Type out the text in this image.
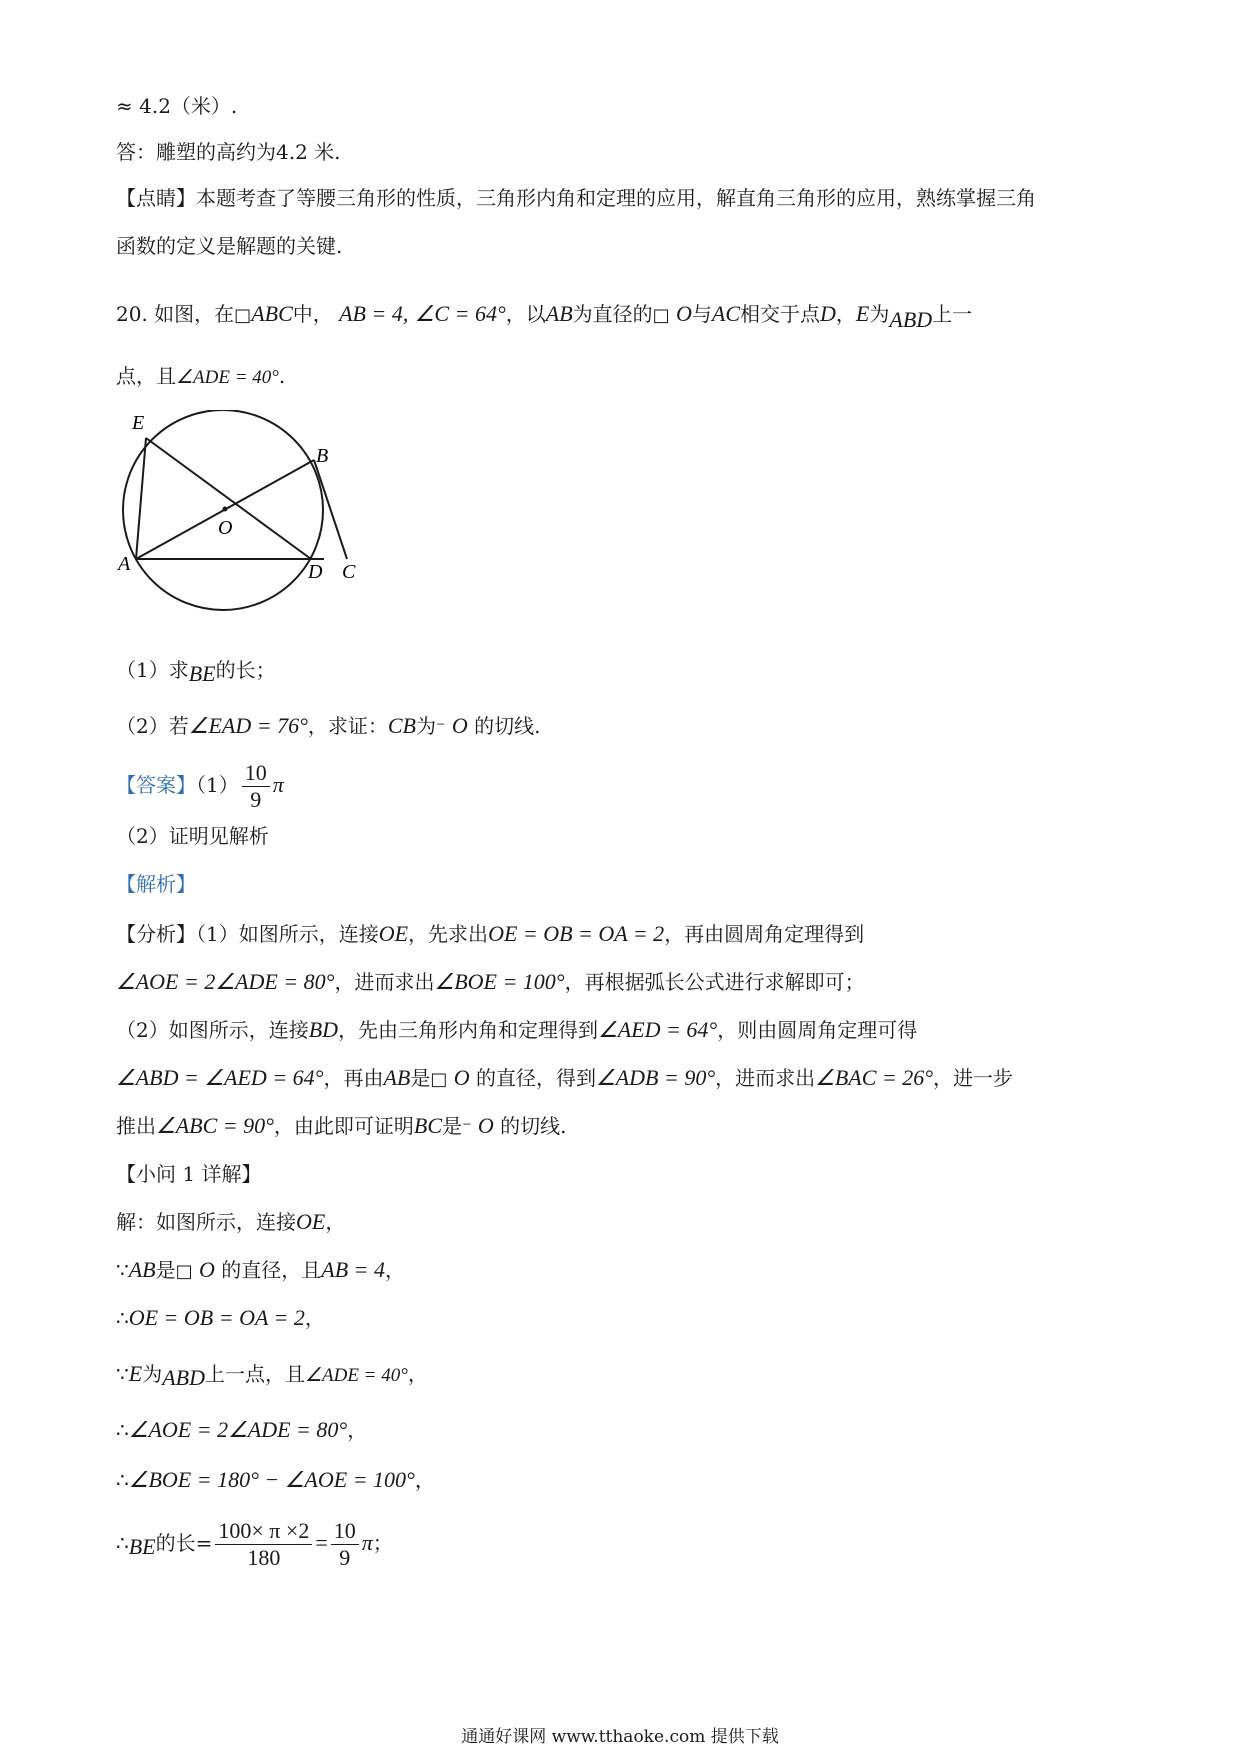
≈ 4.2（米）.
答：雕塑的高约为4.2 米.
【点睛】本题考查了等腰三角形的性质，三角形内角和定理的应用，解直角三角形的应用，熟练掌握三角
函数的定义是解题的关键.
20. 如图，在□ABC中， AB = 4, ∠C = 64°，以AB为直径的□ O与AC相交于点D，E为ABD上一
点，且∠ADE = 40°.
E
B
O
A	D C
（1）求BE的长；
（2）若∠EAD = 76°，求证：CB为⁻ O 的切线.
【答案】$(1) \frac{10}{9}$ π
（2）证明见解析
【解析】
【分析】（1）如图所示，连接OE，先求出OE = OB = OA = 2，再由圆周角定理得到
∠AOE = 2∠ADE = 80°，进而求出∠BOE = 100°，再根据弧长公式进行求解即可；
（2）如图所示，连接BD，先由三角形内角和定理得到∠AED = 64°，则由圆周角定理可得
∠ABD = ∠AED = 64°，再由AB是□ O 的直径，得到∠ADB = 90°，进而求出∠BAC = 26°，进一步
推出∠ABC = 90°，由此即可证明BC是⁻ O 的切线.
【小问 1 详解】
解：如图所示，连接OE，
∵AB是□ O 的直径，且AB = 4，
∴OE = OB = OA = 2，
∵E为ABD上一点，且∠ADE = 40°，
∴∠AOE = 2∠ADE = 80°，
∴∠BOE = 180° − ∠AOE = 100°，
∴BE的长= $\frac{100\times \pi \times 2}{180} = \frac{10}{9}$ π；
通通好课网 www.tthaoke.com 提供下载
